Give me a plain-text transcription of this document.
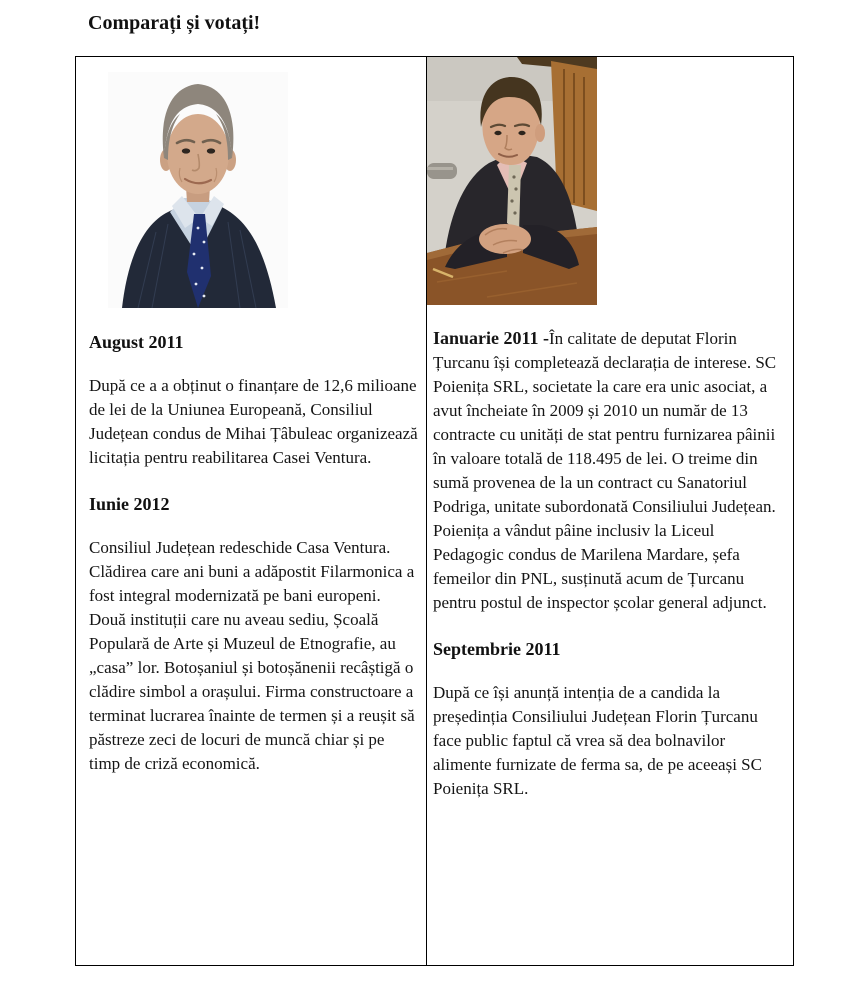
Comparați și votați!
August 2011

După ce a a obținut o finanțare de 12,6 milioane de lei de la Uniunea Europeană, Consiliul Județean condus de Mihai Țâbuleac organizează licitația pentru reabilitarea Casei Ventura.

Iunie 2012

Consiliul Județean redeschide Casa Ventura. Clădirea care ani buni a adăpostit Filarmonica a fost integral modernizată pe bani europeni. Două instituții care nu aveau sediu, Școală Populară de Arte și Muzeul de Etnografie, au „casa” lor. Botoșaniul și botoșănenii recâștigă o clădire simbol a orașului. Firma constructoare a terminat lucrarea înainte de termen și a reușit să păstreze zeci de locuri de muncă chiar și pe timp de criză economică.

Ianuarie 2011 -În calitate de deputat Florin Țurcanu își completează declarația de interese. SC Poienița SRL, societate la care era unic asociat, a avut încheiate în 2009 și 2010 un număr de 13 contracte cu unități de stat pentru furnizarea pâinii în valoare totală de 118.495 de lei. O treime din sumă provenea de la un contract cu Sanatoriul Podriga, unitate subordonată Consiliului Județean. Poienița a vândut pâine inclusiv la Liceul Pedagogic condus de Marilena Mardare, șefa femeilor din PNL, susținută acum de Țurcanu pentru postul de inspector școlar general adjunct.

Septembrie 2011

După ce își anunță intenția de a candida la președinția Consiliului Județean Florin Țurcanu face public faptul că vrea să dea bolnavilor alimente furnizate de ferma sa, de pe aceeași SC Poienița SRL.
